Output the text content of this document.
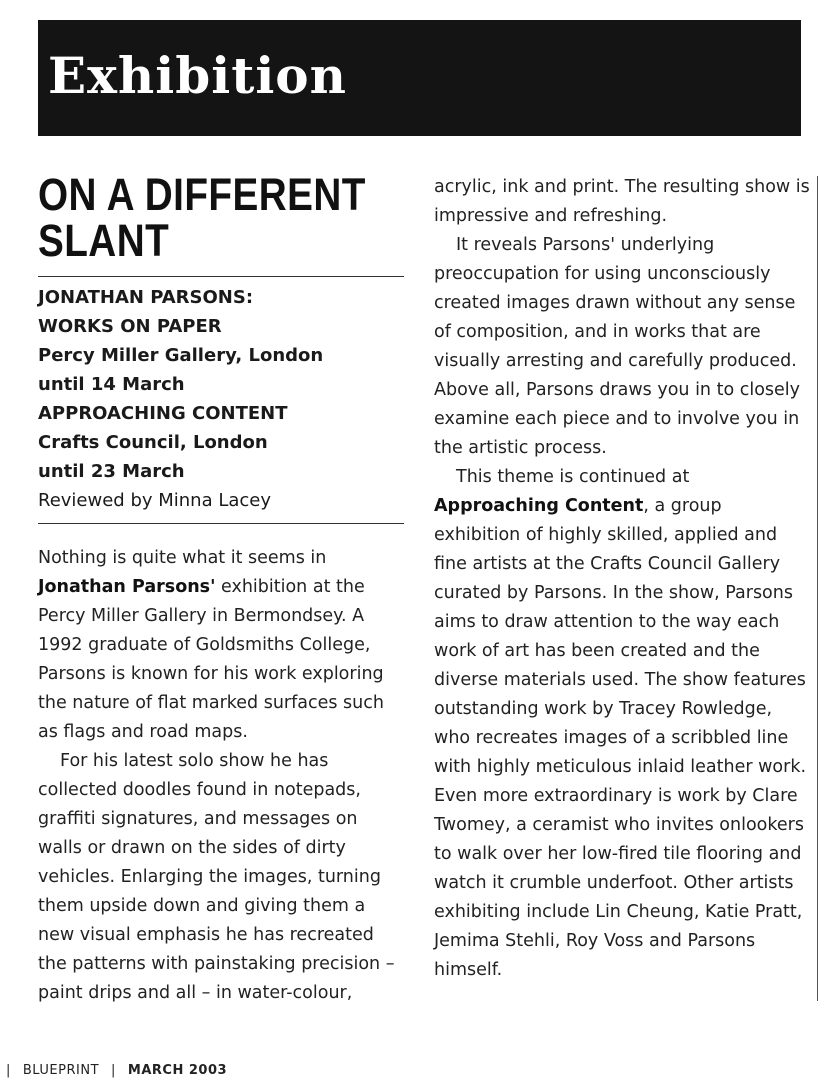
Exhibition
ON A DIFFERENT
SLANT
JONATHAN PARSONS:
WORKS ON PAPER
Percy Miller Gallery, London
until 14 March
APPROACHING CONTENT
Crafts Council, London
until 23 March
Reviewed by Minna Lacey

Nothing is quite what it seems in
Jonathan Parsons' exhibition at the Percy Miller Gallery in Bermondsey. A 1992 graduate of Goldsmiths College, Parsons is known for his work exploring the nature of flat marked surfaces such as flags and road maps.

For his latest solo show he has collected doodles found in notepads, graffiti signatures, and messages on walls or drawn on the sides of dirty vehicles. Enlarging the images, turning them upside down and giving them a new visual emphasis he has recreated the patterns with painstaking precision – paint drips and all – in water-colour,

acrylic, ink and print. The resulting show is impressive and refreshing.

It reveals Parsons' underlying preoccupation for using unconsciously created images drawn without any sense of composition, and in works that are visually arresting and carefully produced. Above all, Parsons draws you in to closely examine each piece and to involve you in the artistic process.

This theme is continued at
Approaching Content, a group exhibition of highly skilled, applied and fine artists at the Crafts Council Gallery curated by Parsons. In the show, Parsons aims to draw attention to the way each work of art has been created and the diverse materials used. The show features outstanding work by Tracey Rowledge, who recreates images of a scribbled line with highly meticulous inlaid leather work. Even more extraordinary is work by Clare Twomey, a ceramist who invites onlookers to walk over her low-fired tile flooring and watch it crumble underfoot. Other artists exhibiting include Lin Cheung, Katie Pratt, Jemima Stehli, Roy Voss and Parsons himself.

| BLUEPRINT | MARCH 2003
